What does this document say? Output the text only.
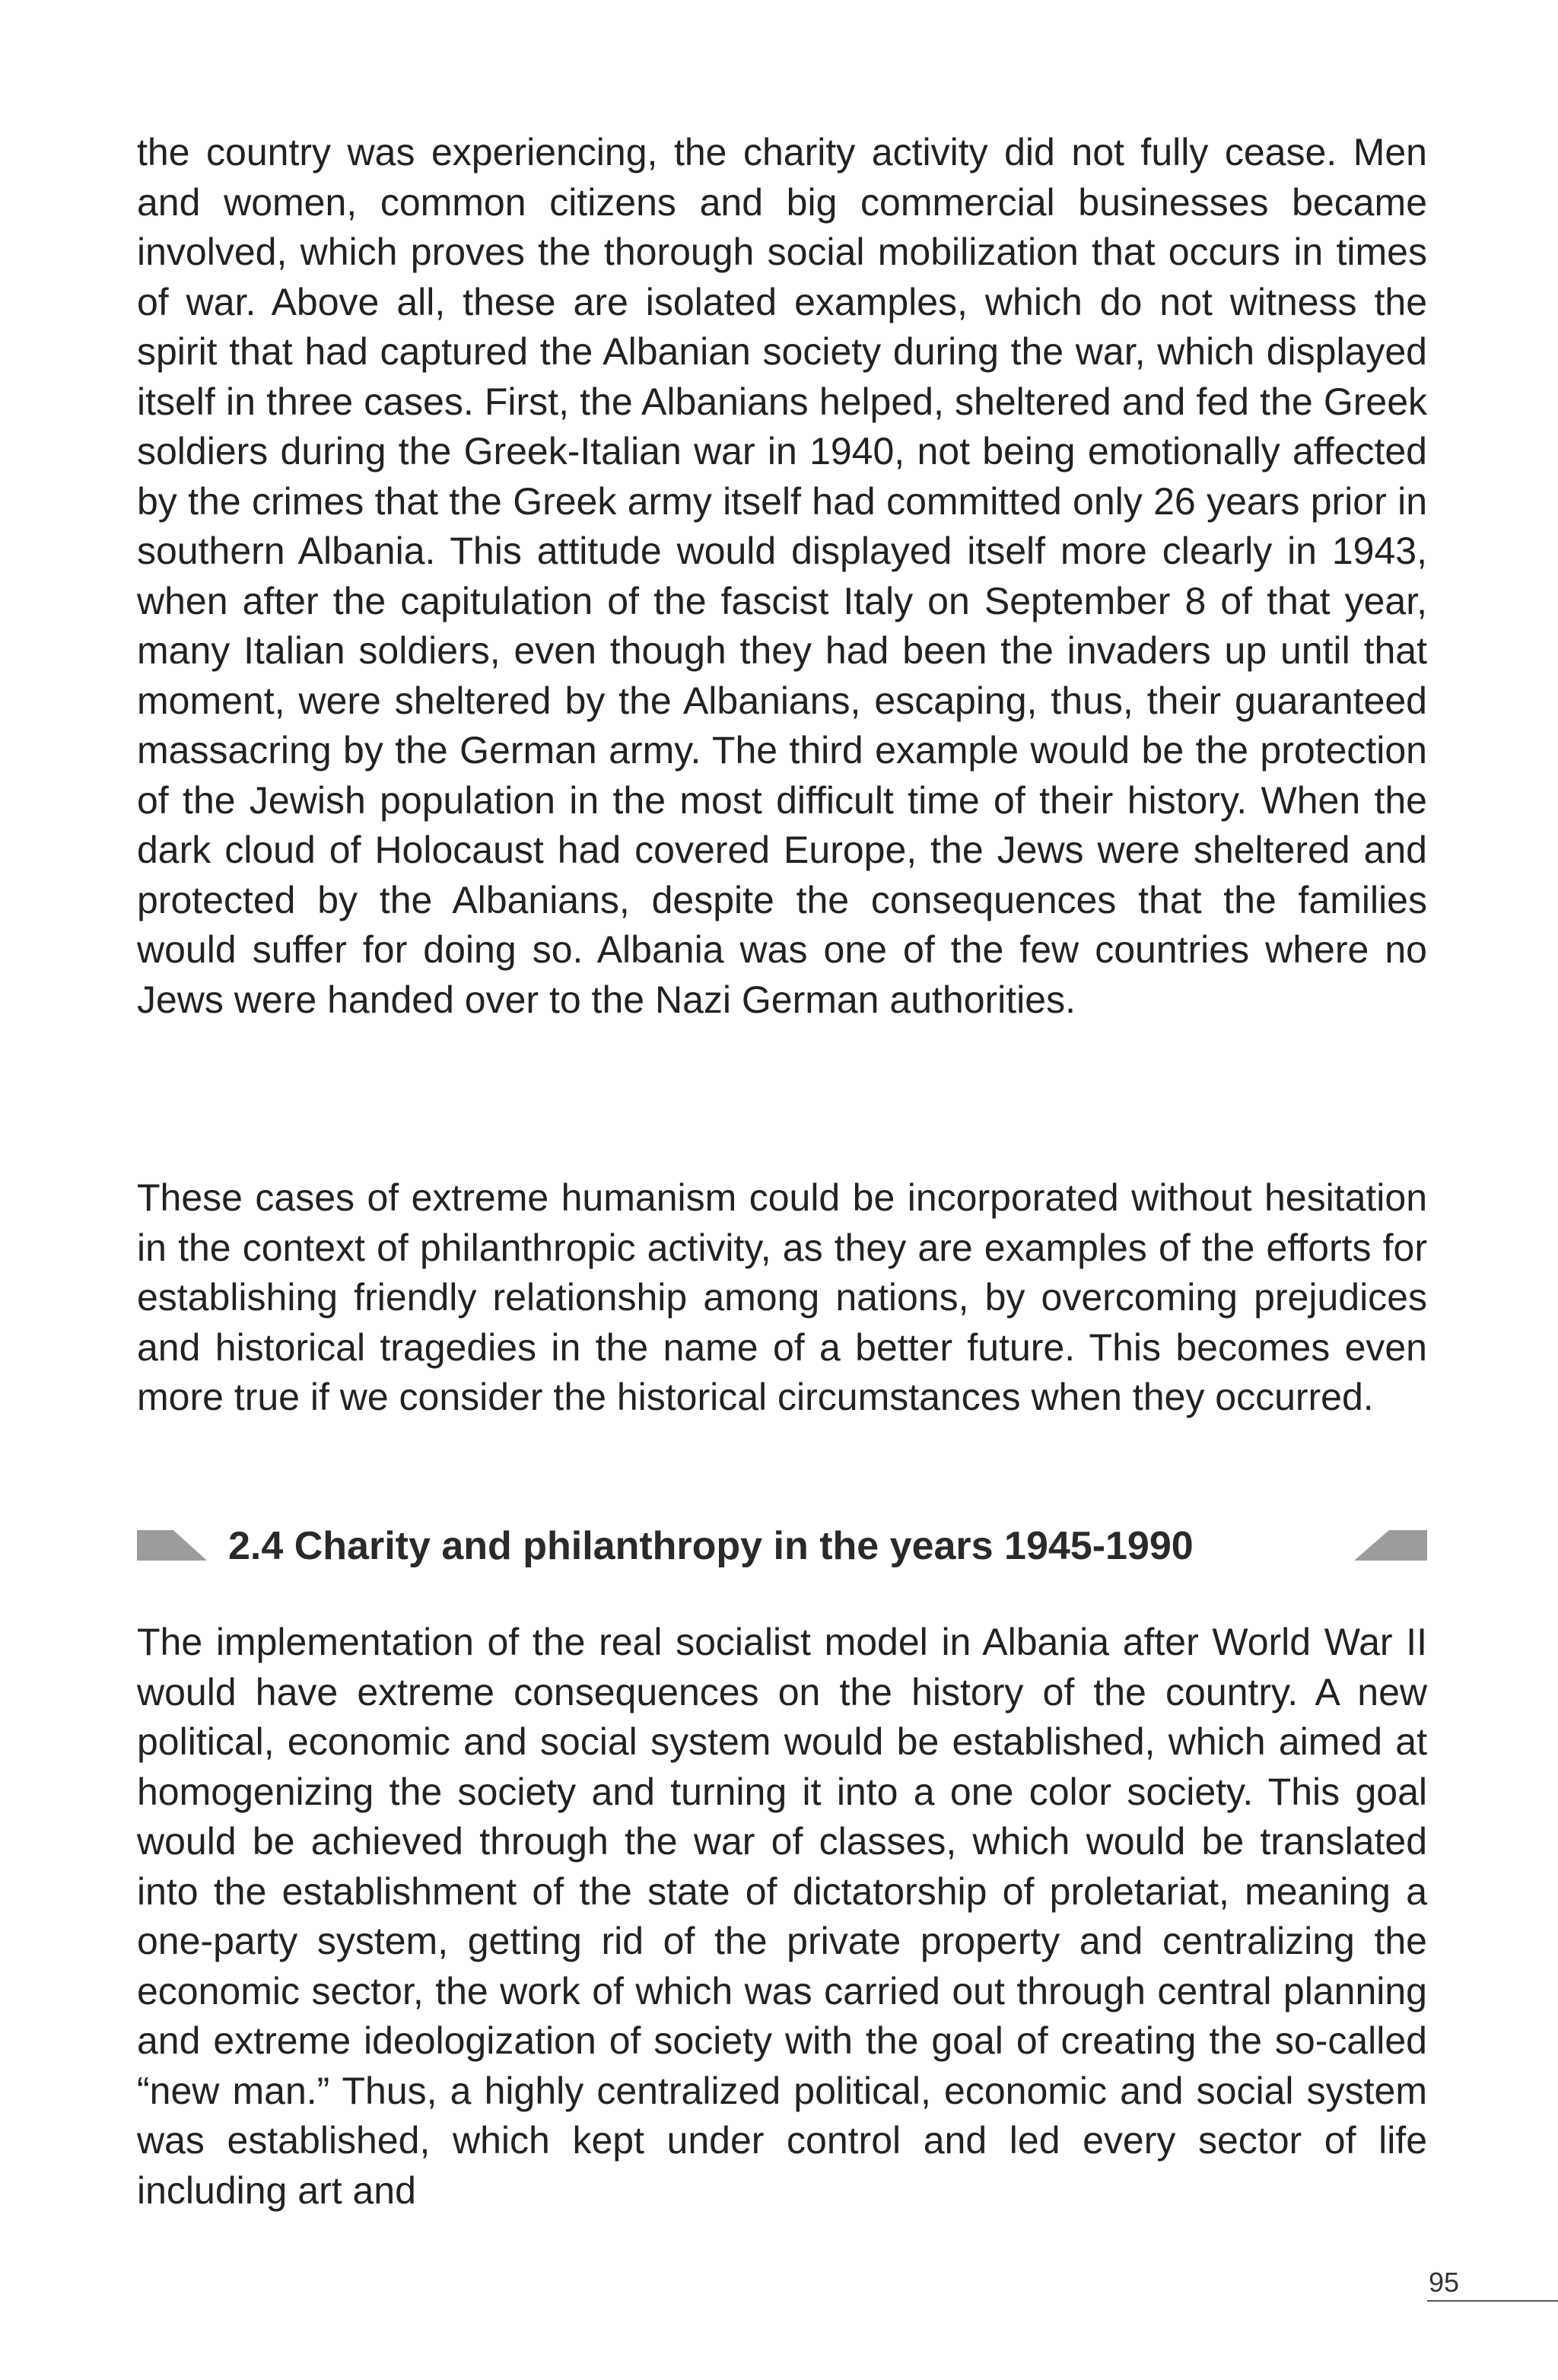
the country was experiencing, the charity activity did not fully cease. Men and women, common citizens and big commercial businesses became involved, which proves the thorough social mobilization that occurs in times of war. Above all, these are isolated examples, which do not witness the spirit that had captured the Albanian society during the war, which displayed itself in three cases. First, the Albanians helped, sheltered and fed the Greek soldiers during the Greek-Italian war in 1940, not being emotionally affected by the crimes that the Greek army itself had committed only 26 years prior in southern Albania. This attitude would displayed itself more clearly in 1943, when after the capitulation of the fascist Italy on September 8 of that year, many Italian soldiers, even though they had been the invaders up until that moment, were sheltered by the Albanians, escaping, thus, their guaranteed massacring by the German army. The third example would be the protection of the Jewish population in the most difficult time of their history. When the dark cloud of Holocaust had covered Europe, the Jews were sheltered and protected by the Albanians, despite the consequences that the families would suffer for doing so. Albania was one of the few countries where no Jews were handed over to the Nazi German authorities.

These cases of extreme humanism could be incorporated without hesitation in the context of philanthropic activity, as they are examples of the efforts for establishing friendly relationship among nations, by overcoming prejudices and historical tragedies in the name of a better future. This becomes even more true if we consider the historical circumstances when they occurred.

2.4 Charity and philanthropy in the years 1945-1990

The implementation of the real socialist model in Albania after World War II would have extreme consequences on the history of the country. A new political, economic and social system would be established, which aimed at homogenizing the society and turning it into a one color society. This goal would be achieved through the war of classes, which would be translated into the establishment of the state of dictatorship of proletariat, meaning a one-party system, getting rid of the private property and centralizing the economic sector, the work of which was carried out through central planning and extreme ideologization of society with the goal of creating the so-called “new man.” Thus, a highly centralized political, economic and social system was established, which kept under control and led every sector of life including art and

95
